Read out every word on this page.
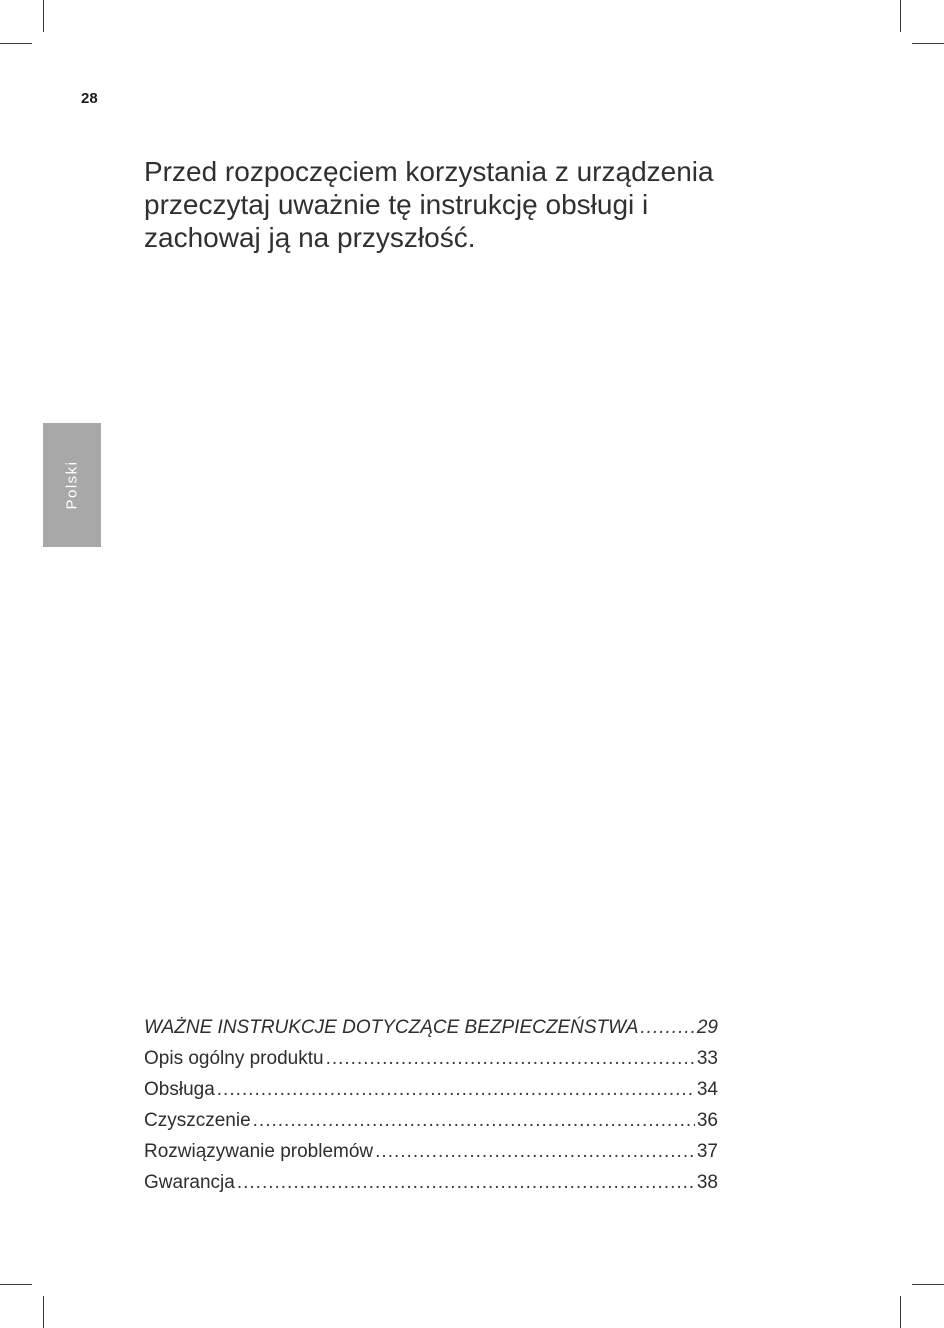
28
Przed rozpoczęciem korzystania z urządzenia
przeczytaj uważnie tę instrukcję obsługi i
zachowaj ją na przyszłość.
Polski
WAŻNE INSTRUKCJE DOTYCZĄCE BEZPIECZEŃSTWA .....	29
Opis ogólny produktu .....	33
Obsługa .....	34
Czyszczenie .....	36
Rozwiązywanie problemów .....	37
Gwarancja .....	38
